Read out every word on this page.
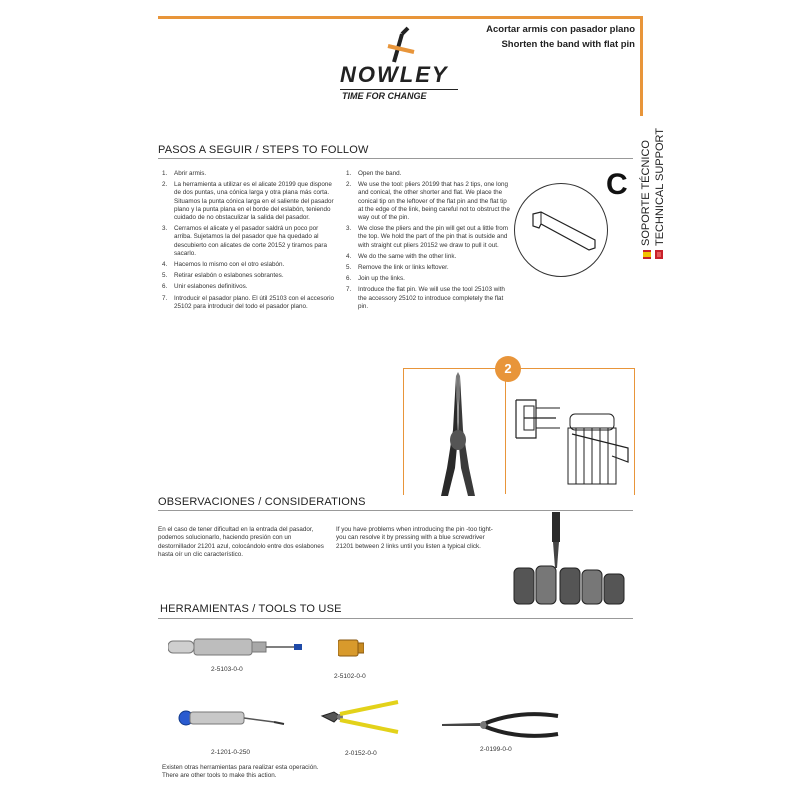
Acortar armis con pasador plano
Shorten the band with flat pin
NOWLEY
TIME FOR CHANGE
C SOPORTE TÉCNICO TECHNICAL SUPPORT
PASOS A SEGUIR / STEPS TO FOLLOW
1. Abrir armis.
2. La herramienta a utilizar es el alicate 20199 que dispone de dos puntas, una cónica larga y otra plana más corta. Situamos la punta cónica larga en el saliente del pasador plano y la punta plana en el borde del eslabón, teniendo cuidado de no obstaculizar la salida del pasador.
3. Cerramos el alicate y el pasador saldrá un poco por arriba. Sujetamos la del pasador que ha quedado al descubierto con alicates de corte 20152 y tiramos para sacarlo.
4. Hacemos lo mismo con el otro eslabón.
5. Retirar eslabón o eslabones sobrantes.
6. Unir eslabones definitivos.
7. Introducir el pasador plano. El útil 25103 con el accesorio 25102 para introducir del todo el pasador plano.
1. Open the band.
2. We use the tool: pliers 20199 that has 2 tips, one long and conical, the other shorter and flat. We place the conical tip on the leftover of the flat pin and the flat tip at the edge of the link, being careful not to obstruct the way out of the pin.
3. We close the pliers and the pin will get out a little from the top. We hold the part of the pin that is outside and with straight cut pliers 20152 we draw to pull it out.
4. We do the same with the other link.
5. Remove the link or links leftover.
6. Join up the links.
7. Introduce the flat pin. We will use the tool 25103 with the accessory 25102 to introduce completely the flat pin.
2
OBSERVACIONES / CONSIDERATIONS
En el caso de tener dificultad en la entrada del pasador, podemos solucionarlo, haciendo presión con un destornillador 21201 azul, colocándolo entre dos eslabones hasta oír un clic característico.
If you have problems when introducing the pin -too tight- you can resolve it by pressing with a blue screwdriver 21201 between 2 links until you listen a typical click.
HERRAMIENTAS / TOOLS TO USE
2-5103-0-0
2-5102-0-0
2-1201-0-250	2-0152-0-0
2-0199-0-0
Existen otras herramientas para realizar esta operación.
There are other tools to make this action.
